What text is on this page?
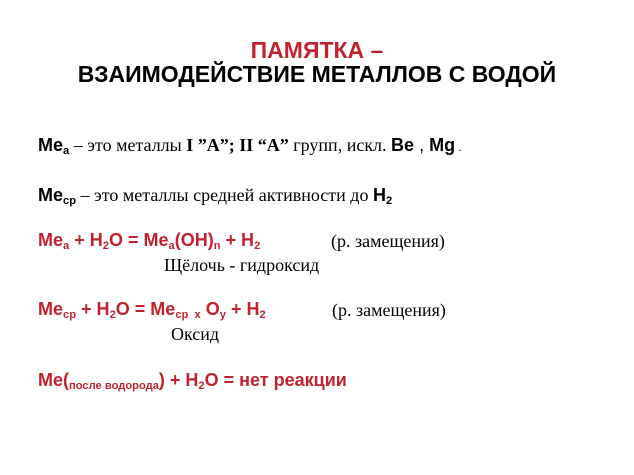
ПАМЯТКА –
ВЗАИМОДЕЙСТВИЕ МЕТАЛЛОВ С ВОДОЙ
$Me_a$ – это металлы I ”A”; II “A” групп, искл. Be , Mg .
$Me_{ср}$ – это металлы средней активности до $H_2$
$Me_a + H_2O = Me_a(OH)_n + H_2$	(р. замещения)
Щёлочь - гидроксид
$Me_{ср} + H_2O = Me_{ср x}$ $O_y + H_2$	(р. замещения)
Оксид
$Me(_{после водорода}) + H_2O$ = нет реакции
